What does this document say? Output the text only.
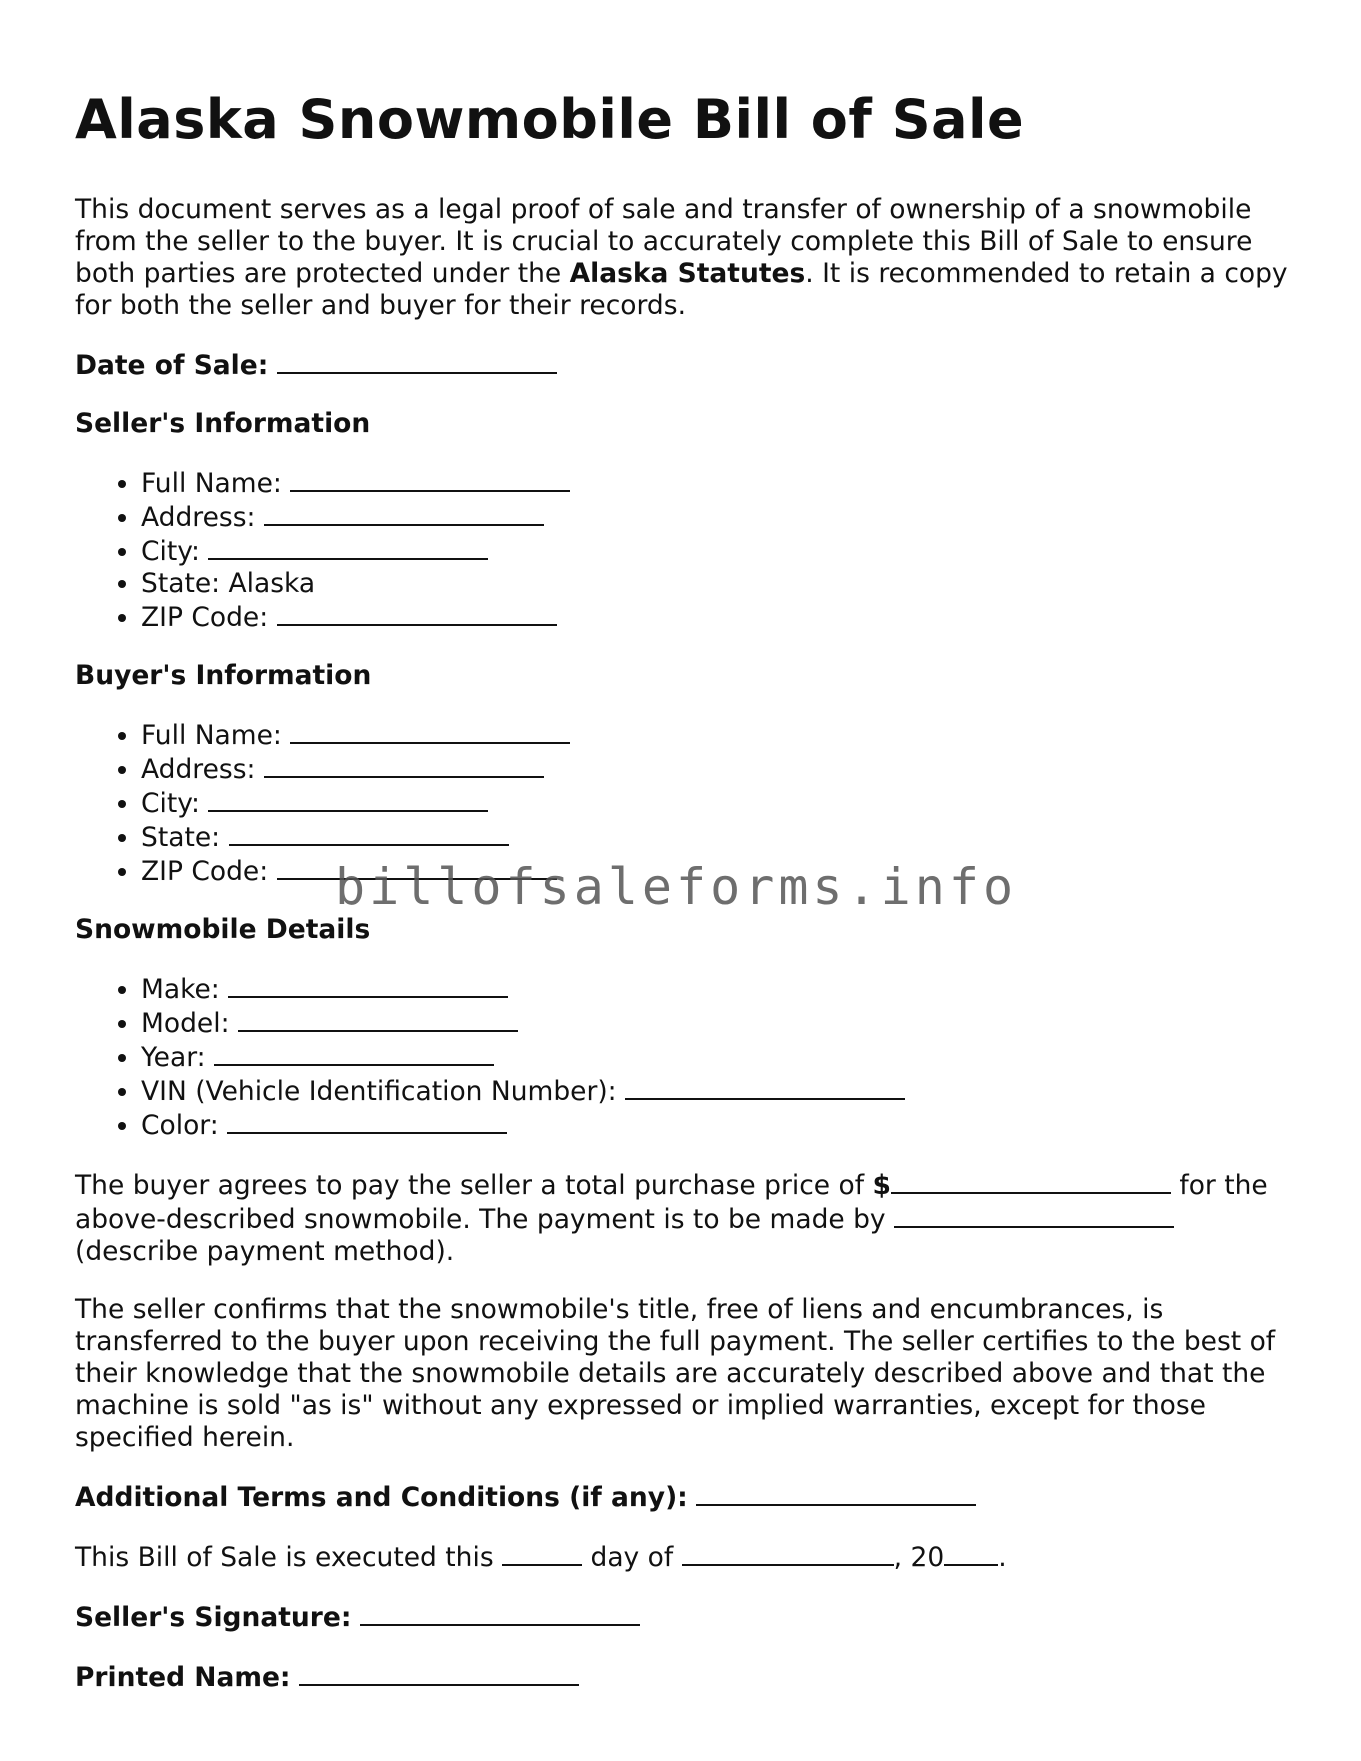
Alaska Snowmobile Bill of Sale

This document serves as a legal proof of sale and transfer of ownership of a snowmobile from the seller to the buyer. It is crucial to accurately complete this Bill of Sale to ensure both parties are protected under the Alaska Statutes. It is recommended to retain a copy for both the seller and buyer for their records.

Date of Sale:
Seller's Information
• Full Name:
• Address:
• City:
• State: Alaska
• ZIP Code:
Buyer's Information
• Full Name:
• Address:
• City:
• State:
• ZIP Code:
Snowmobile Details
• Make:
• Model:
• Year:
• VIN (Vehicle Identification Number):
• Color:

The buyer agrees to pay the seller a total purchase price of $	for the above-described snowmobile. The payment is to be made by  (describe payment method).

The seller confirms that the snowmobile's title, free of liens and encumbrances, is transferred to the buyer upon receiving the full payment. The seller certifies to the best of their knowledge that the snowmobile details are accurately described above and that the machine is sold "as is" without any expressed or implied warranties, except for those specified herein.

Additional Terms and Conditions (if any):

This Bill of Sale is executed this	day of	, 20 .

Seller's Signature:
Printed Name:
billofsaleforms.info
